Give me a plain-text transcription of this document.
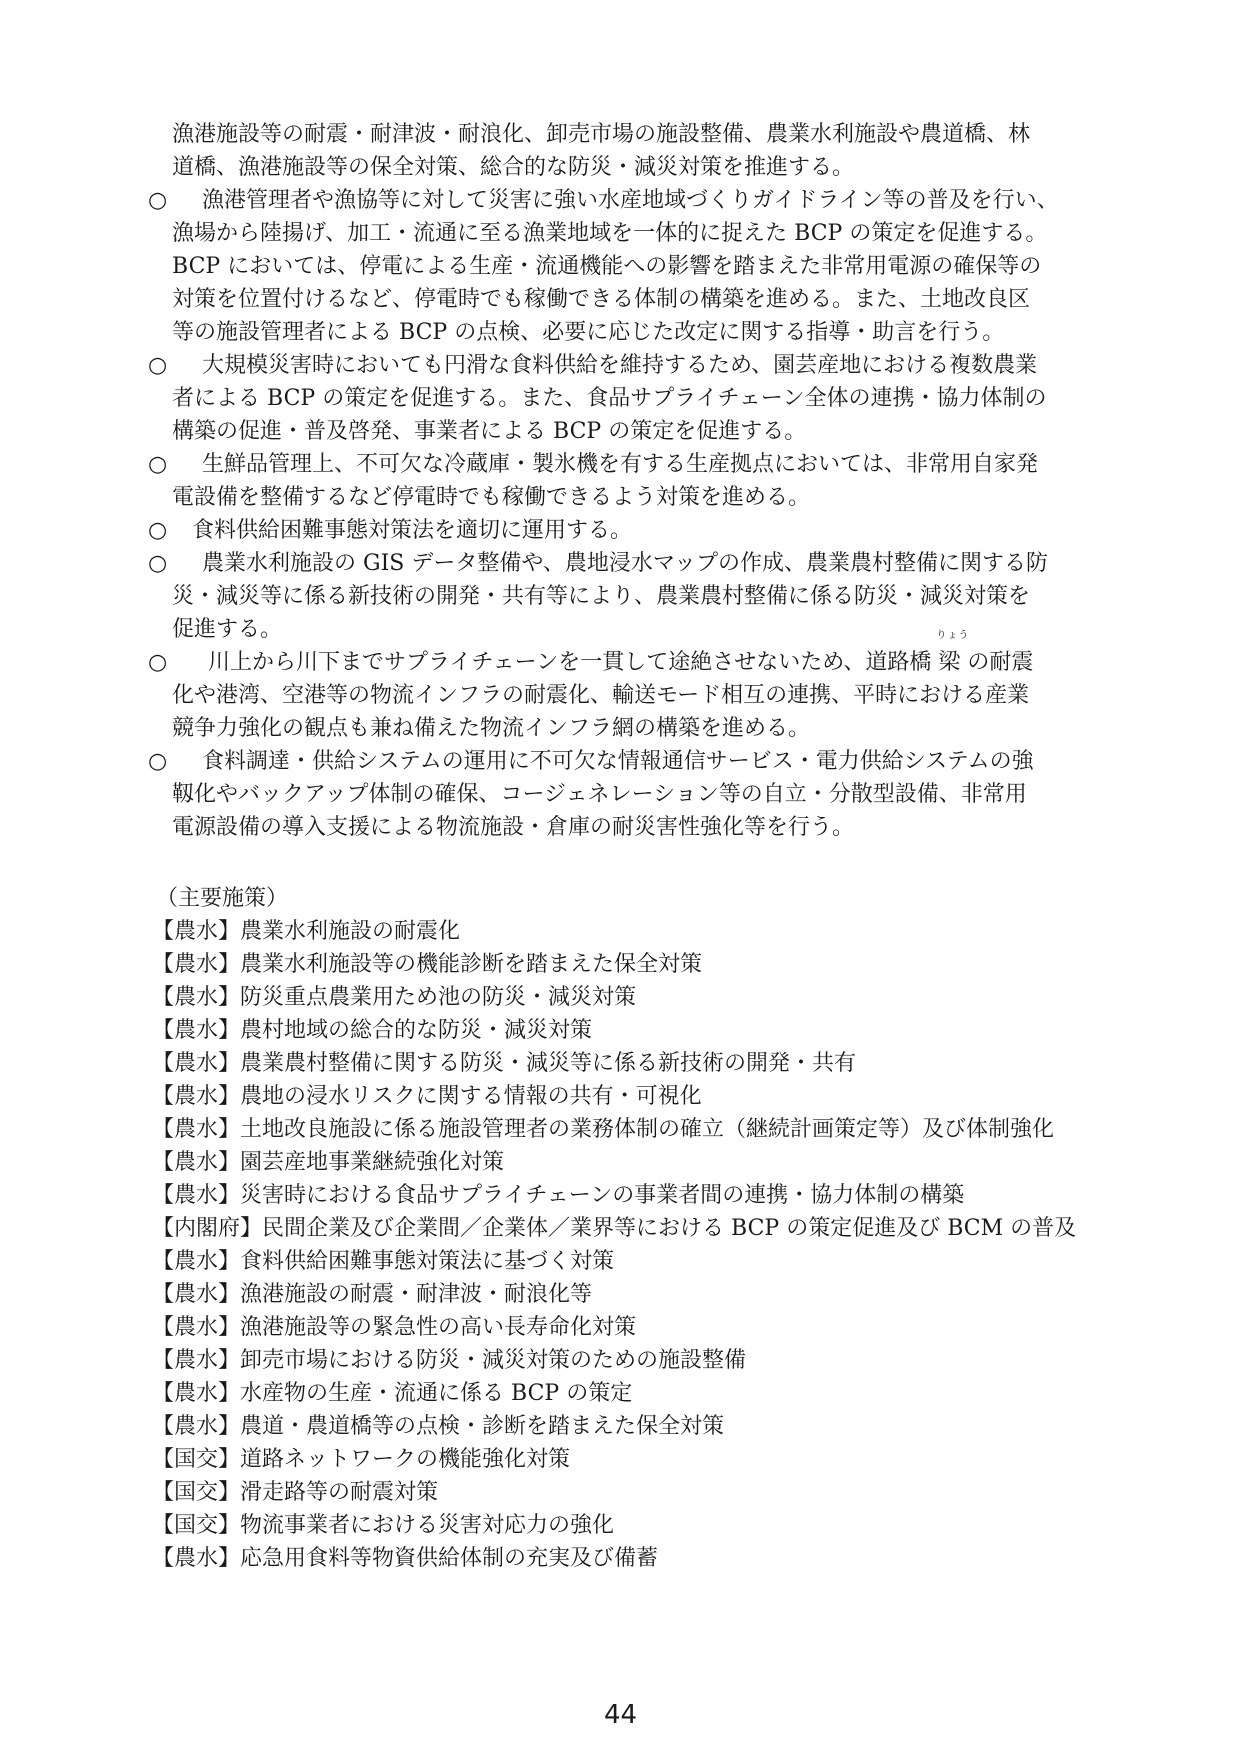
漁港施設等の耐震・耐津波・耐浪化、卸売市場の施設整備、農業水利施設や農道橋、林
道橋、漁港施設等の保全対策、総合的な防災・減災対策を推進する。
○	漁港管理者や漁協等に対して災害に強い水産地域づくりガイドライン等の普及を行い、
漁場から陸揚げ、加工・流通に至る漁業地域を一体的に捉えた BCP の策定を促進する。
BCP においては、停電による生産・流通機能への影響を踏まえた非常用電源の確保等の
対策を位置付けるなど、停電時でも稼働できる体制の構築を進める。また、土地改良区
等の施設管理者による BCP の点検、必要に応じた改定に関する指導・助言を行う。
○	大規模災害時においても円滑な食料供給を維持するため、園芸産地における複数農業
者による BCP の策定を促進する。また、食品サプライチェーン全体の連携・協力体制の
構築の促進・普及啓発、事業者による BCP の策定を促進する。
○	生鮮品管理上、不可欠な冷蔵庫・製氷機を有する生産拠点においては、非常用自家発
電設備を整備するなど停電時でも稼働できるよう対策を進める。
○	食料供給困難事態対策法を適切に運用する。
○	農業水利施設の GIS データ整備や、農地浸水マップの作成、農業農村整備に関する防
災・減災等に係る新技術の開発・共有等により、農業農村整備に係る防災・減災対策を
促進する。
○	川上から川下までサプライチェーンを一貫して途絶させないため、道路橋
りょう
梁 の耐震
化や港湾、空港等の物流インフラの耐震化、輸送モード相互の連携、平時における産業
競争力強化の観点も兼ね備えた物流インフラ網の構築を進める。
○	食料調達・供給システムの運用に不可欠な情報通信サービス・電力供給システムの強
靱化やバックアップ体制の確保、コージェネレーション等の自立・分散型設備、非常用
電源設備の導入支援による物流施設・倉庫の耐災害性強化等を行う。
（主要施策）
【農水】 農業水利施設の耐震化
【農水】 農業水利施設等の機能診断を踏まえた保全対策
【農水】 防災重点農業用ため池の防災・減災対策
【農水】 農村地域の総合的な防災・減災対策
【農水】 農業農村整備に関する防災・減災等に係る新技術の開発・共有
【農水】 農地の浸水リスクに関する情報の共有・可視化
【農水】 土地改良施設に係る施設管理者の業務体制の確立（継続計画策定等）及び体制強化
【農水】 園芸産地事業継続強化対策
【農水】 災害時における食品サプライチェーンの事業者間の連携・協力体制の構築
【内閣府】 民間企業及び企業間／企業体／業界等における BCP の策定促進及び BCM の普及
【農水】 食料供給困難事態対策法に基づく対策
【農水】 漁港施設の耐震・耐津波・耐浪化等
【農水】 漁港施設等の緊急性の高い長寿命化対策
【農水】 卸売市場における防災・減災対策のための施設整備
【農水】 水産物の生産・流通に係る BCP の策定
【農水】 農道・農道橋等の点検・診断を踏まえた保全対策
【国交】 道路ネットワークの機能強化対策
【国交】 滑走路等の耐震対策
【国交】 物流事業者における災害対応力の強化
【農水】 応急用食料等物資供給体制の充実及び備蓄
44
